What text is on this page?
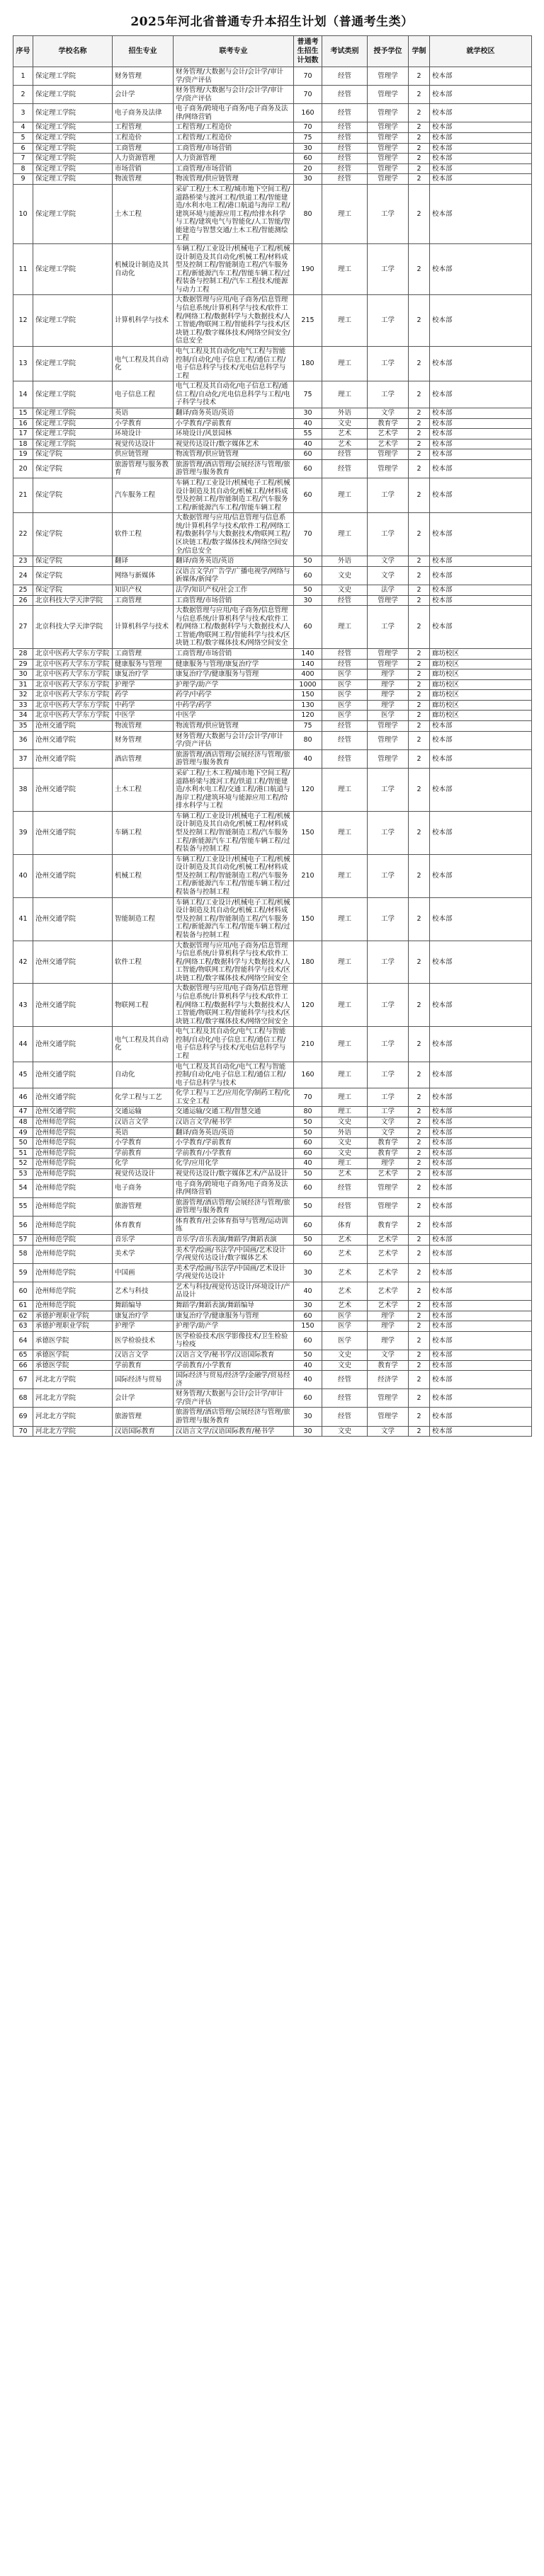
2025年河北省普通专升本招生计划（普通考生类）
序号	学校名称	招生专业	联考专业	普通考生招生计划数	考试类别	授予学位	学制	就学校区
1	保定理工学院	财务管理	财务管理/大数据与会计/会计学/审计学/资产评估	70	经管	管理学	2	校本部
2	保定理工学院	会计学	财务管理/大数据与会计/会计学/审计学/资产评估	70	经管	管理学	2	校本部
3	保定理工学院	电子商务及法律	电子商务/跨境电子商务/电子商务及法律/网络营销	160	经管	管理学	2	校本部
4	保定理工学院	工程管理	工程管理/工程造价	70	经管	管理学	2	校本部
5	保定理工学院	工程造价	工程管理/工程造价	75	经管	管理学	2	校本部
6	保定理工学院	工商管理	工商管理/市场营销	30	经管	管理学	2	校本部
7	保定理工学院	人力资源管理	人力资源管理	60	经管	管理学	2	校本部
8	保定理工学院	市场营销	工商管理/市场营销	20	经管	管理学	2	校本部
9	保定理工学院	物流管理	物流管理/供应链管理	30	经管	管理学	2	校本部
10	保定理工学院	土木工程	采矿工程/土木工程/城市地下空间工程/道路桥梁与渡河工程/铁道工程/智能建造/水利水电工程/港口航道与海岸工程/建筑环境与能源应用工程/给排水科学与工程/建筑电气与智能化/人工智能/智能建造与智慧交通/土木工程/智能测绘工程	80	理工	工学	2	校本部
11	保定理工学院	机械设计制造及其自动化	车辆工程/工业设计/机械电子工程/机械设计制造及其自动化/机械工程/材料成型及控制工程/智能制造工程/汽车服务工程/新能源汽车工程/智能车辆工程/过程装备与控制工程/汽车工程技术/能源与动力工程	190	理工	工学	2	校本部
12	保定理工学院	计算机科学与技术	大数据管理与应用/电子商务/信息管理与信息系统/计算机科学与技术/软件工程/网络工程/数据科学与大数据技术/人工智能/物联网工程/智能科学与技术/区块链工程/数字媒体技术/网络空间安全/信息安全	215	理工	工学	2	校本部
13	保定理工学院	电气工程及其自动化	电气工程及其自动化/电气工程与智能控制/自动化/电子信息工程/通信工程/电子信息科学与技术/光电信息科学与工程	180	理工	工学	2	校本部
14	保定理工学院	电子信息工程	电气工程及其自动化/电子信息工程/通信工程/自动化/光电信息科学与工程/电子科学与技术	75	理工	工学	2	校本部
15	保定理工学院	英语	翻译/商务英语/英语	30	外语	文学	2	校本部
16	保定理工学院	小学教育	小学教育/学前教育	40	文史	教育学	2	校本部
17	保定理工学院	环境设计	环境设计/风景园林	55	艺术	艺术学	2	校本部
18	保定理工学院	视觉传达设计	视觉传达设计/数字媒体艺术	40	艺术	艺术学	2	校本部
19	保定学院	供应链管理	物流管理/供应链管理	60	经管	管理学	2	校本部
20	保定学院	旅游管理与服务教育	旅游管理/酒店管理/会展经济与管理/旅游管理与服务教育	60	经管	管理学	2	校本部
21	保定学院	汽车服务工程	车辆工程/工业设计/机械电子工程/机械设计制造及其自动化/机械工程/材料成型及控制工程/智能制造工程/汽车服务工程/新能源汽车工程/智能车辆工程	60	理工	工学	2	校本部
22	保定学院	软件工程	大数据管理与应用/信息管理与信息系统/计算机科学与技术/软件工程/网络工程/数据科学与大数据技术/物联网工程/区块链工程/数字媒体技术/网络空间安全/信息安全	70	理工	工学	2	校本部
23	保定学院	翻译	翻译/商务英语/英语	50	外语	文学	2	校本部
24	保定学院	网络与新媒体	汉语言文学/广告学/广播电视学/网络与新媒体/新闻学	60	文史	文学	2	校本部
25	保定学院	知识产权	法学/知识产权/社会工作	50	文史	法学	2	校本部
26	北京科技大学天津学院	工商管理	工商管理/市场营销	30	经管	管理学	2	校本部
27	北京科技大学天津学院	计算机科学与技术	大数据管理与应用/电子商务/信息管理与信息系统/计算机科学与技术/软件工程/网络工程/数据科学与大数据技术/人工智能/物联网工程/智能科学与技术/区块链工程/数字媒体技术/网络空间安全	60	理工	工学	2	校本部
28	北京中医药大学东方学院	工商管理	工商管理/市场营销	140	经管	管理学	2	廊坊校区
29	北京中医药大学东方学院	健康服务与管理	健康服务与管理/康复治疗学	140	经管	管理学	2	廊坊校区
30	北京中医药大学东方学院	康复治疗学	康复治疗学/健康服务与管理	400	医学	理学	2	廊坊校区
31	北京中医药大学东方学院	护理学	护理学/助产学	1000	医学	理学	2	廊坊校区
32	北京中医药大学东方学院	药学	药学/中药学	150	医学	理学	2	廊坊校区
33	北京中医药大学东方学院	中药学	中药学/药学	130	医学	理学	2	廊坊校区
34	北京中医药大学东方学院	中医学	中医学	120	医学	医学	2	廊坊校区
35	沧州交通学院	物流管理	物流管理/供应链管理	75	经管	管理学	2	校本部
36	沧州交通学院	财务管理	财务管理/大数据与会计/会计学/审计学/资产评估	80	经管	管理学	2	校本部
37	沧州交通学院	酒店管理	旅游管理/酒店管理/会展经济与管理/旅游管理与服务教育	40	经管	管理学	2	校本部
38	沧州交通学院	土木工程	采矿工程/土木工程/城市地下空间工程/道路桥梁与渡河工程/铁道工程/智能建造/水利水电工程/交通工程/港口航道与海岸工程/建筑环境与能源应用工程/给排水科学与工程	120	理工	工学	2	校本部
39	沧州交通学院	车辆工程	车辆工程/工业设计/机械电子工程/机械设计制造及其自动化/机械工程/材料成型及控制工程/智能制造工程/汽车服务工程/新能源汽车工程/智能车辆工程/过程装备与控制工程	150	理工	工学	2	校本部
40	沧州交通学院	机械工程	车辆工程/工业设计/机械电子工程/机械设计制造及其自动化/机械工程/材料成型及控制工程/智能制造工程/汽车服务工程/新能源汽车工程/智能车辆工程/过程装备与控制工程	210	理工	工学	2	校本部
41	沧州交通学院	智能制造工程	车辆工程/工业设计/机械电子工程/机械设计制造及其自动化/机械工程/材料成型及控制工程/智能制造工程/汽车服务工程/新能源汽车工程/智能车辆工程/过程装备与控制工程	150	理工	工学	2	校本部
42	沧州交通学院	软件工程	大数据管理与应用/电子商务/信息管理与信息系统/计算机科学与技术/软件工程/网络工程/数据科学与大数据技术/人工智能/物联网工程/智能科学与技术/区块链工程/数字媒体技术/网络空间安全	180	理工	工学	2	校本部
43	沧州交通学院	物联网工程	大数据管理与应用/电子商务/信息管理与信息系统/计算机科学与技术/软件工程/网络工程/数据科学与大数据技术/人工智能/物联网工程/智能科学与技术/区块链工程/数字媒体技术/网络空间安全	120	理工	工学	2	校本部
44	沧州交通学院	电气工程及其自动化	电气工程及其自动化/电气工程与智能控制/自动化/电子信息工程/通信工程/电子信息科学与技术/光电信息科学与工程	210	理工	工学	2	校本部
45	沧州交通学院	自动化	电气工程及其自动化/电气工程与智能控制/自动化/电子信息工程/通信工程/电子信息科学与技术	160	理工	工学	2	校本部
46	沧州交通学院	化学工程与工艺	化学工程与工艺/应用化学/制药工程/化工安全工程	70	理工	工学	2	校本部
47	沧州交通学院	交通运输	交通运输/交通工程/智慧交通	80	理工	工学	2	校本部
48	沧州师范学院	汉语言文学	汉语言文学/秘书学	50	文史	文学	2	校本部
49	沧州师范学院	英语	翻译/商务英语/英语	50	外语	文学	2	校本部
50	沧州师范学院	小学教育	小学教育/学前教育	60	文史	教育学	2	校本部
51	沧州师范学院	学前教育	学前教育/小学教育	60	文史	教育学	2	校本部
52	沧州师范学院	化学	化学/应用化学	40	理工	理学	2	校本部
53	沧州师范学院	视觉传达设计	视觉传达设计/数字媒体艺术/产品设计	50	艺术	艺术学	2	校本部
54	沧州师范学院	电子商务	电子商务/跨境电子商务/电子商务及法律/网络营销	60	经管	管理学	2	校本部
55	沧州师范学院	旅游管理	旅游管理/酒店管理/会展经济与管理/旅游管理与服务教育	50	经管	管理学	2	校本部
56	沧州师范学院	体育教育	体育教育/社会体育指导与管理/运动训练	60	体育	教育学	2	校本部
57	沧州师范学院	音乐学	音乐学/音乐表演/舞蹈学/舞蹈表演	50	艺术	艺术学	2	校本部
58	沧州师范学院	美术学	美术学/绘画/书法学/中国画/艺术设计学/视觉传达设计/数字媒体艺术	60	艺术	艺术学	2	校本部
59	沧州师范学院	中国画	美术学/绘画/书法学/中国画/艺术设计学/视觉传达设计	30	艺术	艺术学	2	校本部
60	沧州师范学院	艺术与科技	艺术与科技/视觉传达设计/环境设计/产品设计	40	艺术	艺术学	2	校本部
61	沧州师范学院	舞蹈编导	舞蹈学/舞蹈表演/舞蹈编导	30	艺术	艺术学	2	校本部
62	承德护理职业学院	康复治疗学	康复治疗学/健康服务与管理	60	医学	理学	2	校本部
63	承德护理职业学院	护理学	护理学/助产学	150	医学	理学	2	校本部
64	承德医学院	医学检验技术	医学检验技术/医学影像技术/卫生检验与检疫	60	医学	理学	2	校本部
65	承德医学院	汉语言文学	汉语言文学/秘书学/汉语国际教育	50	文史	文学	2	校本部
66	承德医学院	学前教育	学前教育/小学教育	40	文史	教育学	2	校本部
67	河北北方学院	国际经济与贸易	国际经济与贸易/经济学/金融学/贸易经济	40	经管	经济学	2	校本部
68	河北北方学院	会计学	财务管理/大数据与会计/会计学/审计学/资产评估	60	经管	管理学	2	校本部
69	河北北方学院	旅游管理	旅游管理/酒店管理/会展经济与管理/旅游管理与服务教育	30	经管	管理学	2	校本部
70	河北北方学院	汉语国际教育	汉语言文学/汉语国际教育/秘书学	30	文史	文学	2	校本部
